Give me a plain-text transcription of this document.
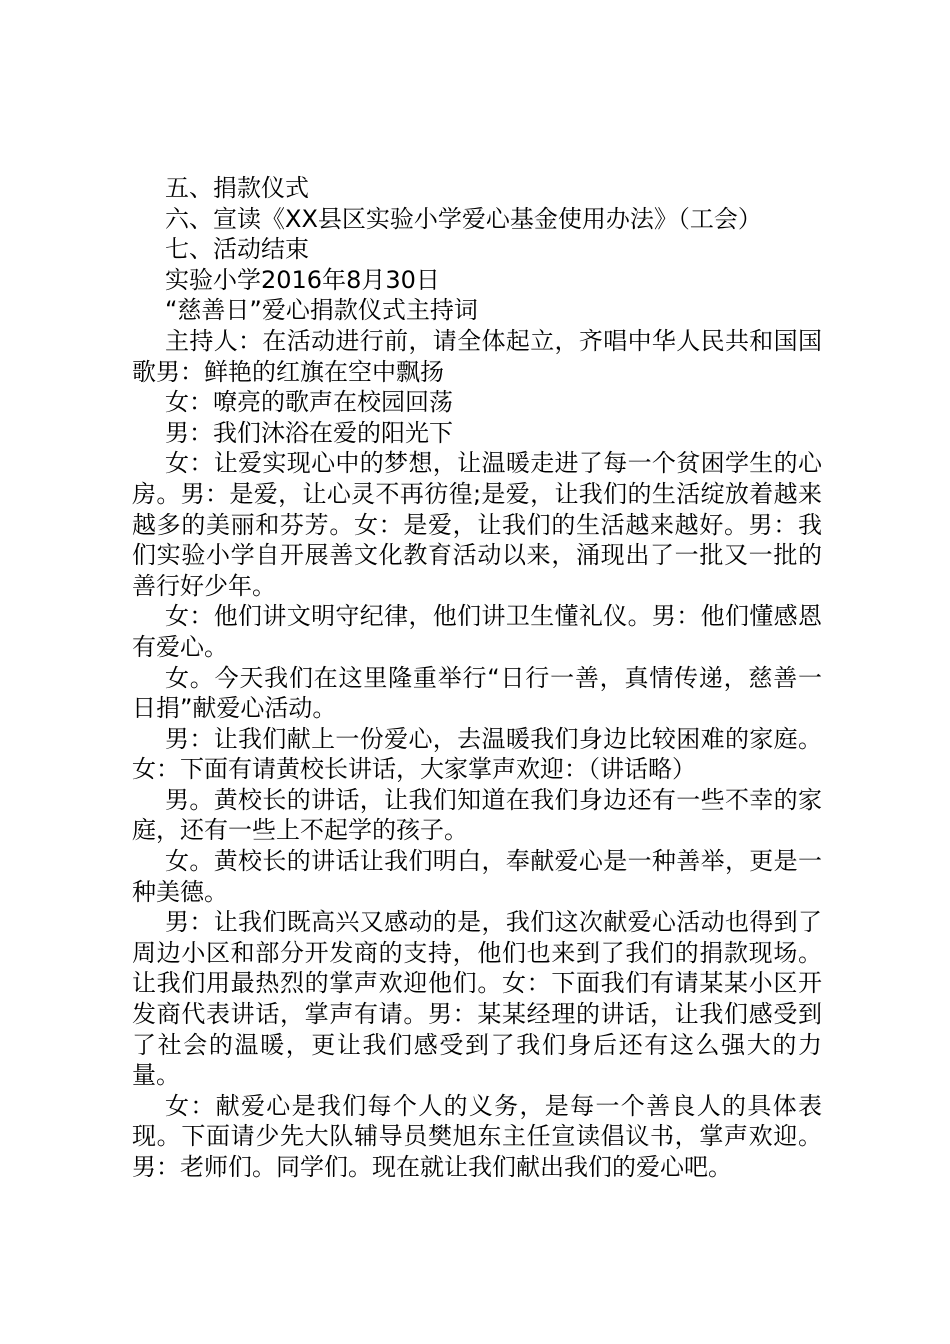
五、捐款仪式

六、宣读《XX县区实验小学爱心基金使用办法》（工会）

七、活动结束

实验小学2016年8月30日

“慈善日”爱心捐款仪式主持词

主持人：在活动进行前，请全体起立，齐唱中华人民共和国国歌男：鲜艳的红旗在空中飘扬

女：嘹亮的歌声在校园回荡

男：我们沐浴在爱的阳光下

女：让爱实现心中的梦想，让温暖走进了每一个贫困学生的心房。男：是爱，让心灵不再彷徨;是爱，让我们的生活绽放着越来越多的美丽和芬芳。女：是爱，让我们的生活越来越好。男：我们实验小学自开展善文化教育活动以来，涌现出了一批又一批的善行好少年。

女：他们讲文明守纪律，他们讲卫生懂礼仪。男：他们懂感恩有爱心。

女。今天我们在这里隆重举行“日行一善，真情传递，慈善一日捐”献爱心活动。

男：让我们献上一份爱心，去温暖我们身边比较困难的家庭。女：下面有请黄校长讲话，大家掌声欢迎：（讲话略）

男。黄校长的讲话，让我们知道在我们身边还有一些不幸的家庭，还有一些上不起学的孩子。

女。黄校长的讲话让我们明白，奉献爱心是一种善举，更是一种美德。

男：让我们既高兴又感动的是，我们这次献爱心活动也得到了周边小区和部分开发商的支持，他们也来到了我们的捐款现场。让我们用最热烈的掌声欢迎他们。女：下面我们有请某某小区开发商代表讲话，掌声有请。男：某某经理的讲话，让我们感受到了社会的温暖，更让我们感受到了我们身后还有这么强大的力量。

女：献爱心是我们每个人的义务，是每一个善良人的具体表现。下面请少先大队辅导员樊旭东主任宣读倡议书，掌声欢迎。男：老师们。同学们。现在就让我们献出我们的爱心吧。
